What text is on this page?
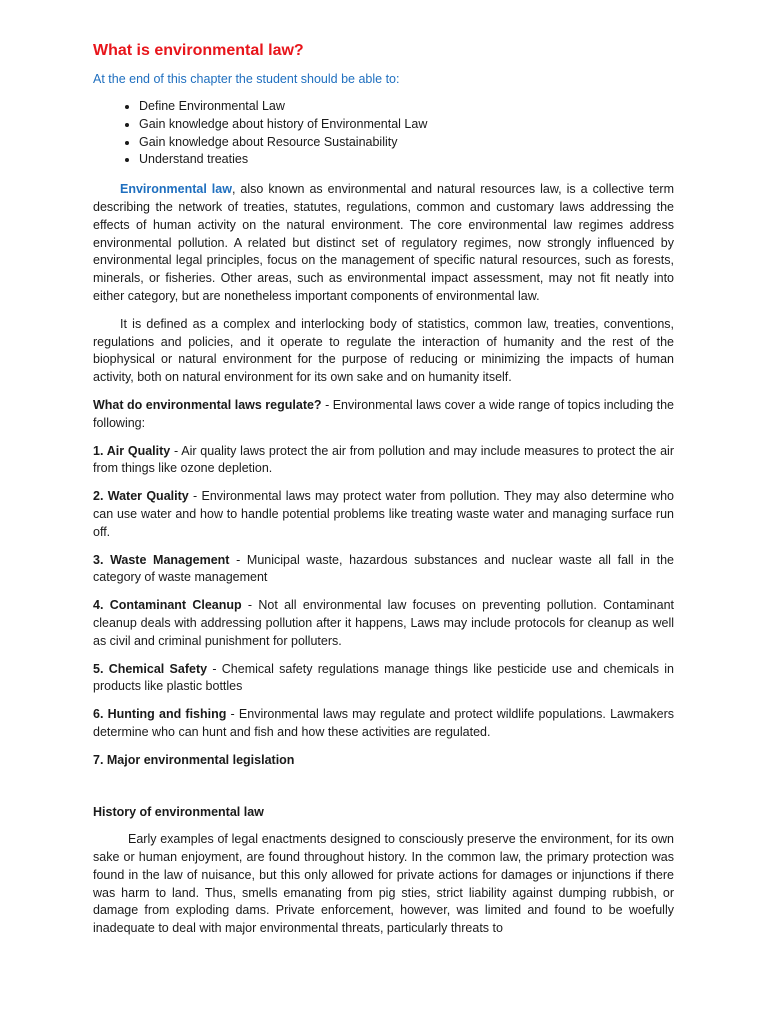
What is environmental law?
At the end of this chapter the student should be able to:
• Define Environmental Law
• Gain knowledge about history of Environmental Law
• Gain knowledge about Resource Sustainability
• Understand treaties

Environmental law, also known as environmental and natural resources law, is a collective term describing the network of treaties, statutes, regulations, common and customary laws addressing the effects of human activity on the natural environment. The core environmental law regimes address environmental pollution. A related but distinct set of regulatory regimes, now strongly influenced by environmental legal principles, focus on the management of specific natural resources, such as forests, minerals, or fisheries. Other areas, such as environmental impact assessment, may not fit neatly into either category, but are nonetheless important components of environmental law.

It is defined as a complex and interlocking body of statistics, common law, treaties, conventions, regulations and policies, and it operate to regulate the interaction of humanity and the rest of the biophysical or natural environment for the purpose of reducing or minimizing the impacts of human activity, both on natural environment for its own sake and on humanity itself.

What do environmental laws regulate? - Environmental laws cover a wide range of topics including the following:

1. Air Quality - Air quality laws protect the air from pollution and may include measures to protect the air from things like ozone depletion.

2. Water Quality - Environmental laws may protect water from pollution. They may also determine who can use water and how to handle potential problems like treating waste water and managing surface run off.

3. Waste Management - Municipal waste, hazardous substances and nuclear waste all fall in the category of waste management

4. Contaminant Cleanup - Not all environmental law focuses on preventing pollution. Contaminant cleanup deals with addressing pollution after it happens, Laws may include protocols for cleanup as well as civil and criminal punishment for polluters.

5. Chemical Safety - Chemical safety regulations manage things like pesticide use and chemicals in products like plastic bottles

6. Hunting and fishing - Environmental laws may regulate and protect wildlife populations. Lawmakers determine who can hunt and fish and how these activities are regulated.

7. Major environmental legislation

History of environmental law

Early examples of legal enactments designed to consciously preserve the environment, for its own sake or human enjoyment, are found throughout history. In the common law, the primary protection was found in the law of nuisance, but this only allowed for private actions for damages or injunctions if there was harm to land. Thus, smells emanating from pig sties, strict liability against dumping rubbish, or damage from exploding dams. Private enforcement, however, was limited and found to be woefully inadequate to deal with major environmental threats, particularly threats to
